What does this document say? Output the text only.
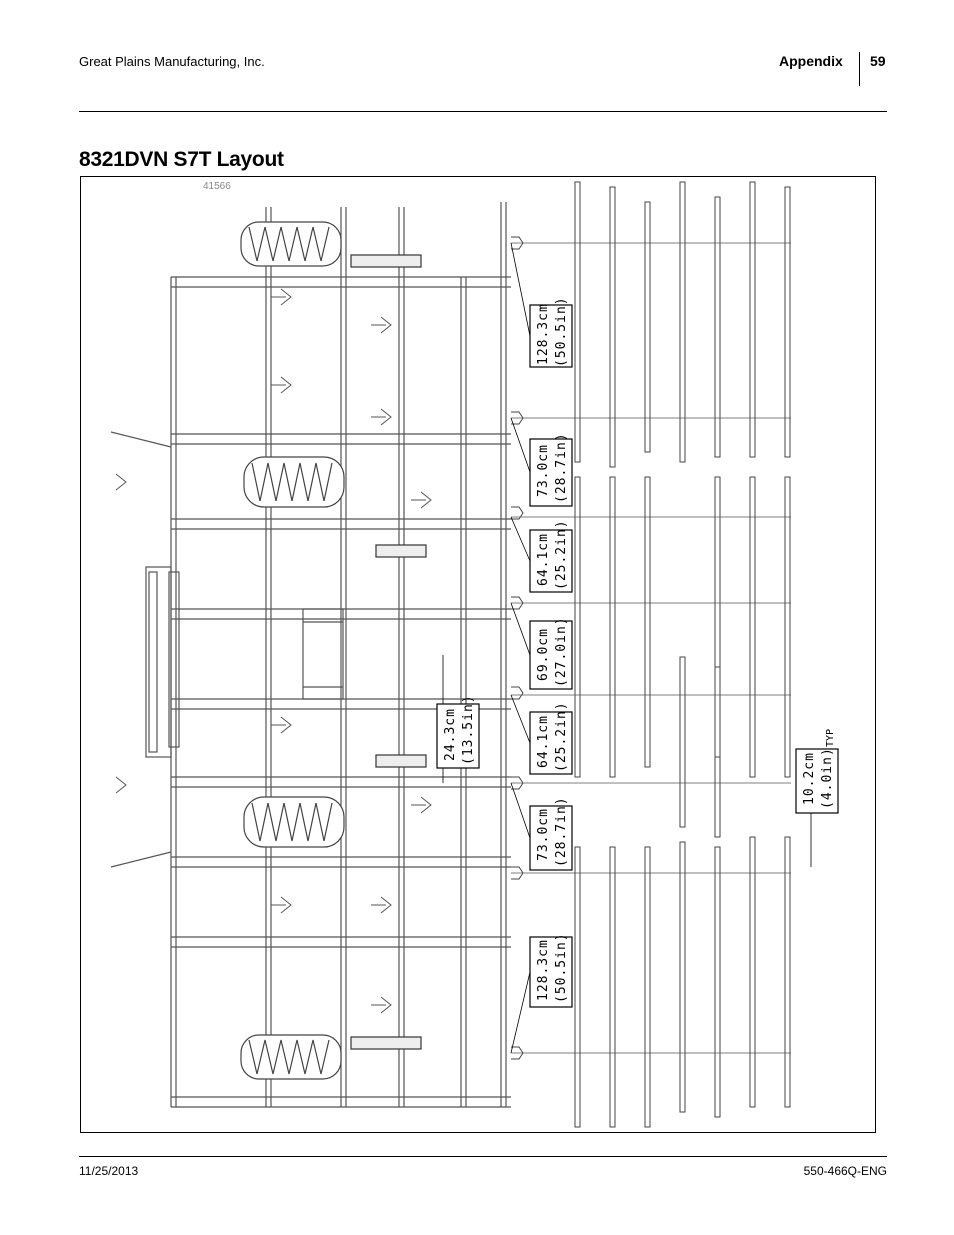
Great Plains Manufacturing, Inc.	Appendix 59
8321DVN S7T Layout
41566
128.3cm (50.5in)
73.0cm (28.7in)
64.1cm (25.2in)
69.0cm (27.0in)
64.1cm (25.2in)
73.0cm (28.7in)
128.3cm (50.5in)
24.3cm (13.5in)
10.2cm (4.0in)
TYP
11/25/2013	550-466Q-ENG
